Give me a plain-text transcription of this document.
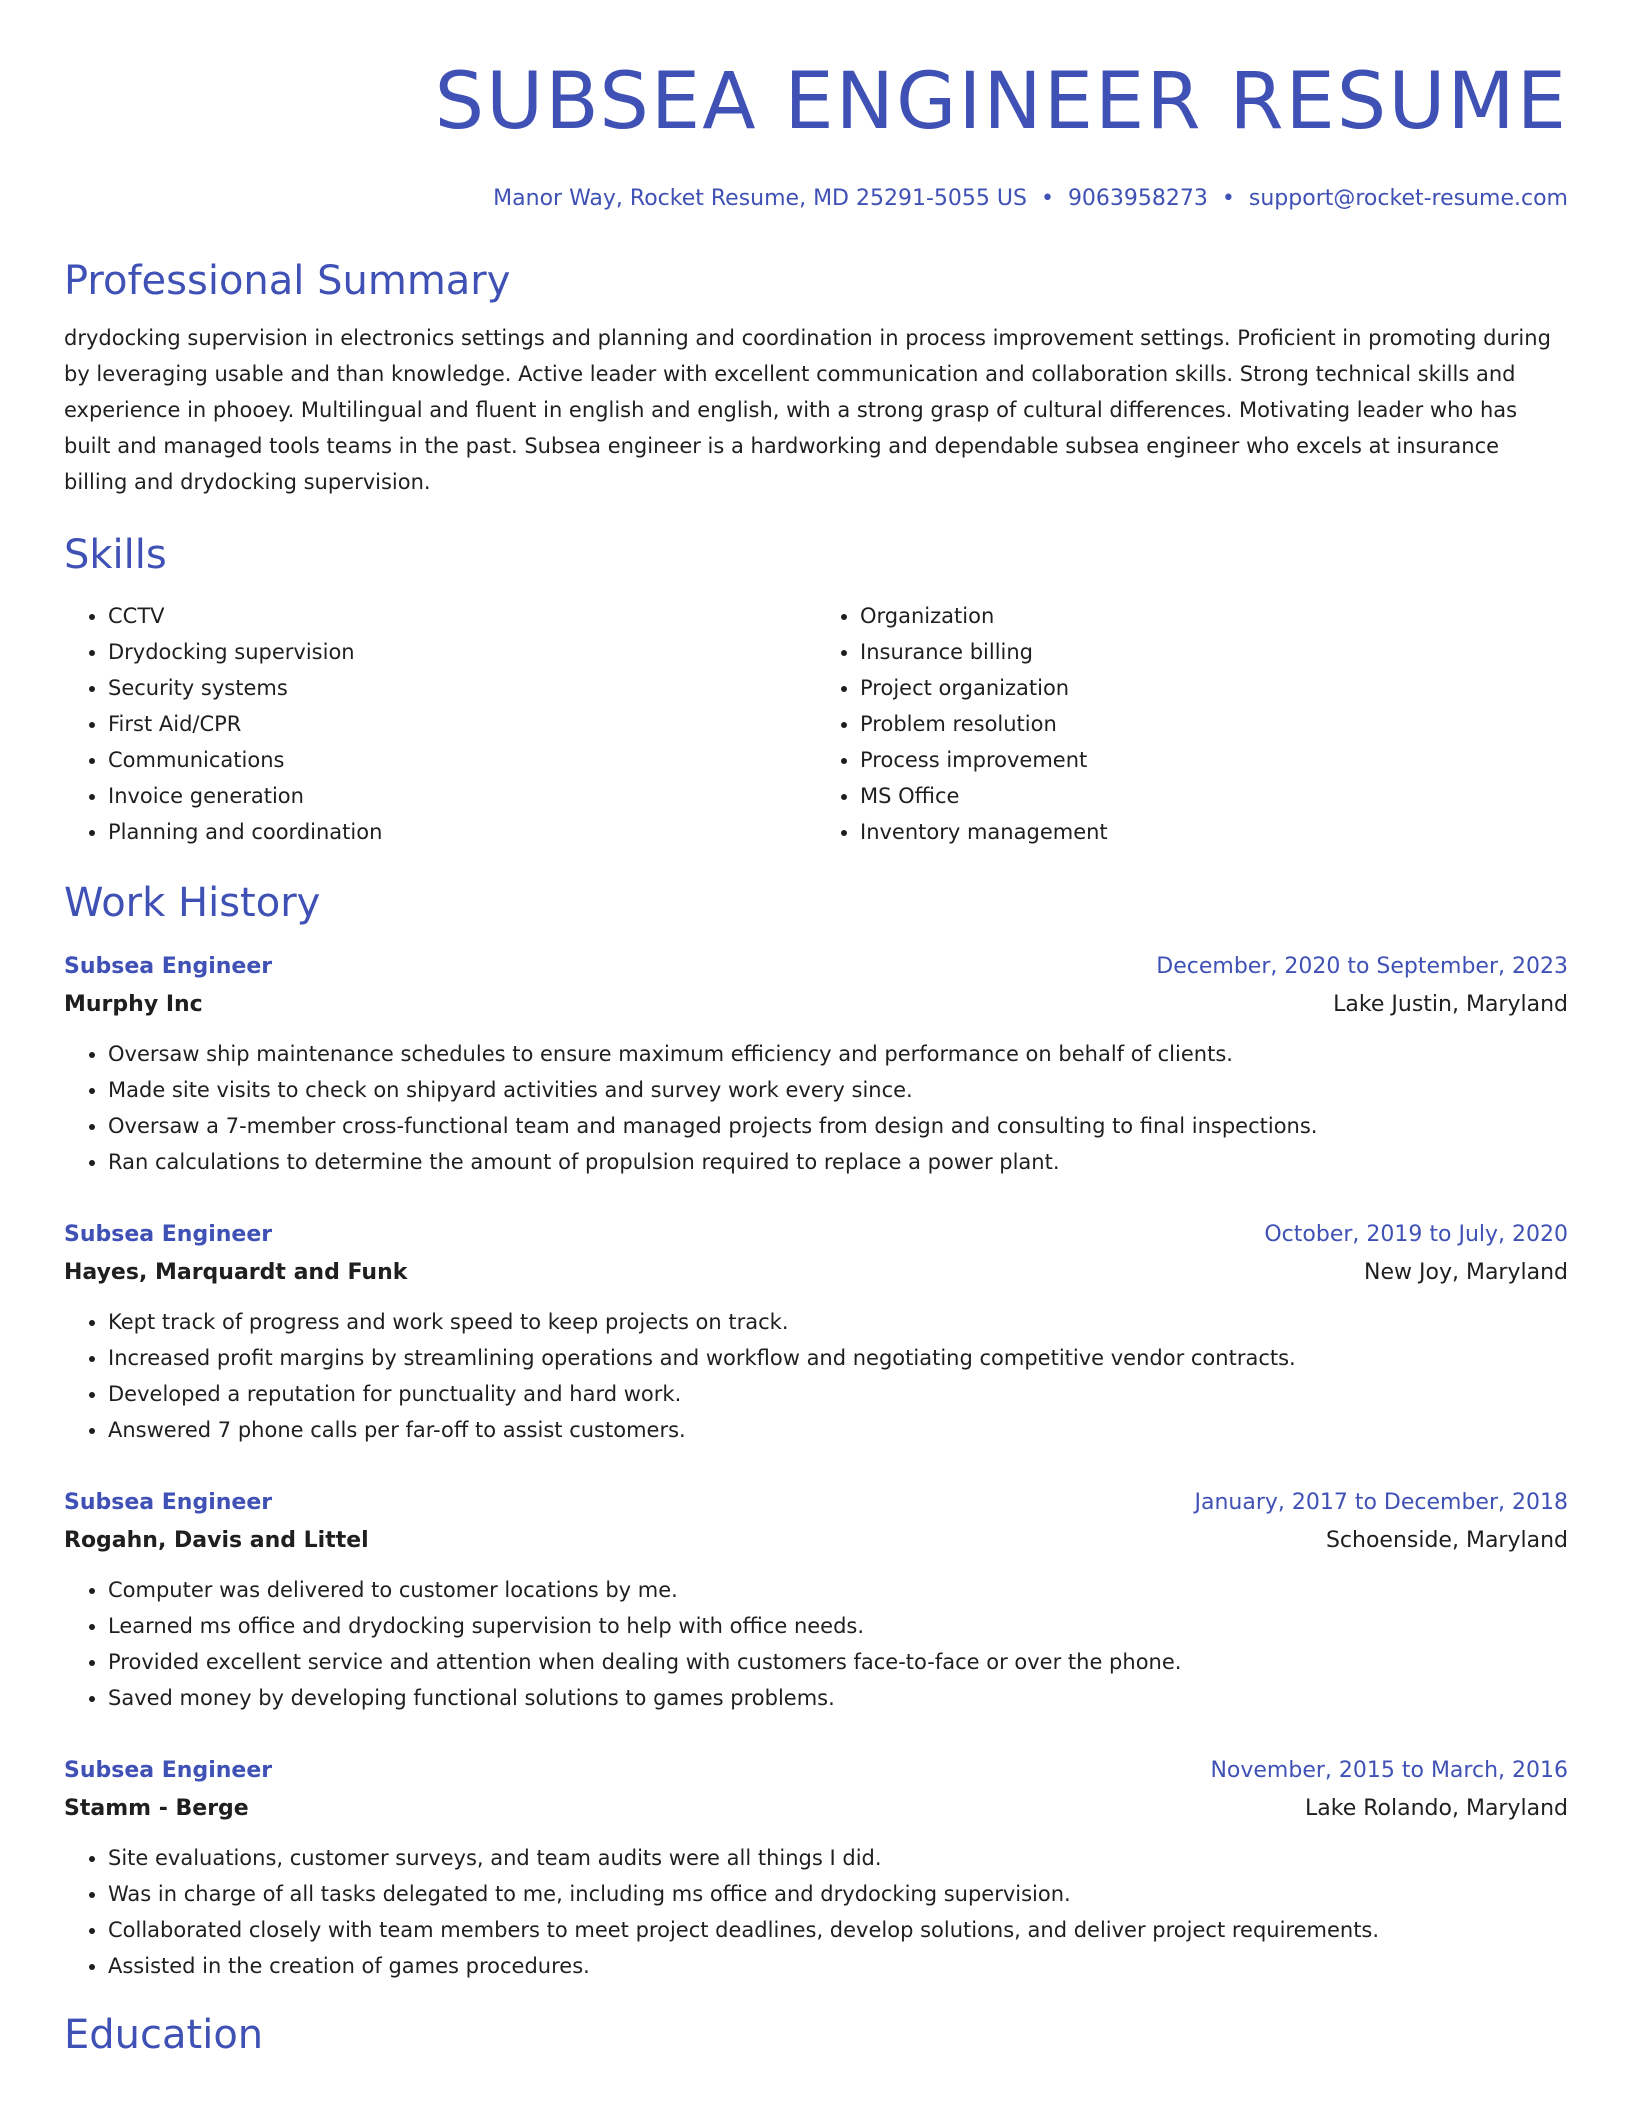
SUBSEA ENGINEER RESUME
Manor Way, Rocket Resume, MD 25291-5055 US • 9063958273 • support@rocket-resume.com
Professional Summary

drydocking supervision in electronics settings and planning and coordination in process improvement settings. Proficient in promoting during by leveraging usable and than knowledge. Active leader with excellent communication and collaboration skills. Strong technical skills and experience in phooey. Multilingual and fluent in english and english, with a strong grasp of cultural differences. Motivating leader who has built and managed tools teams in the past. Subsea engineer is a hardworking and dependable subsea engineer who excels at insurance billing and drydocking supervision.

Skills
• CCTV
• Drydocking supervision
• Security systems
• First Aid/CPR
• Communications
• Invoice generation
• Planning and coordination
• Organization
• Insurance billing
• Project organization
• Problem resolution
• Process improvement
• MS Office
• Inventory management
Work History
Subsea Engineer	December, 2020 to September, 2023
Murphy Inc	Lake Justin, Maryland
• Oversaw ship maintenance schedules to ensure maximum efficiency and performance on behalf of clients.
• Made site visits to check on shipyard activities and survey work every since.
• Oversaw a 7-member cross-functional team and managed projects from design and consulting to final inspections.
• Ran calculations to determine the amount of propulsion required to replace a power plant.
Subsea Engineer	October, 2019 to July, 2020
Hayes, Marquardt and Funk	New Joy, Maryland
• Kept track of progress and work speed to keep projects on track.
• Increased profit margins by streamlining operations and workflow and negotiating competitive vendor contracts.
• Developed a reputation for punctuality and hard work.
• Answered 7 phone calls per far-off to assist customers.
Subsea Engineer	January, 2017 to December, 2018
Rogahn, Davis and Littel	Schoenside, Maryland
• Computer was delivered to customer locations by me.
• Learned ms office and drydocking supervision to help with office needs.
• Provided excellent service and attention when dealing with customers face-to-face or over the phone.
• Saved money by developing functional solutions to games problems.
Subsea Engineer	November, 2015 to March, 2016
Stamm - Berge	Lake Rolando, Maryland
• Site evaluations, customer surveys, and team audits were all things I did.
• Was in charge of all tasks delegated to me, including ms office and drydocking supervision.
• Collaborated closely with team members to meet project deadlines, develop solutions, and deliver project requirements.
• Assisted in the creation of games procedures.
Education
